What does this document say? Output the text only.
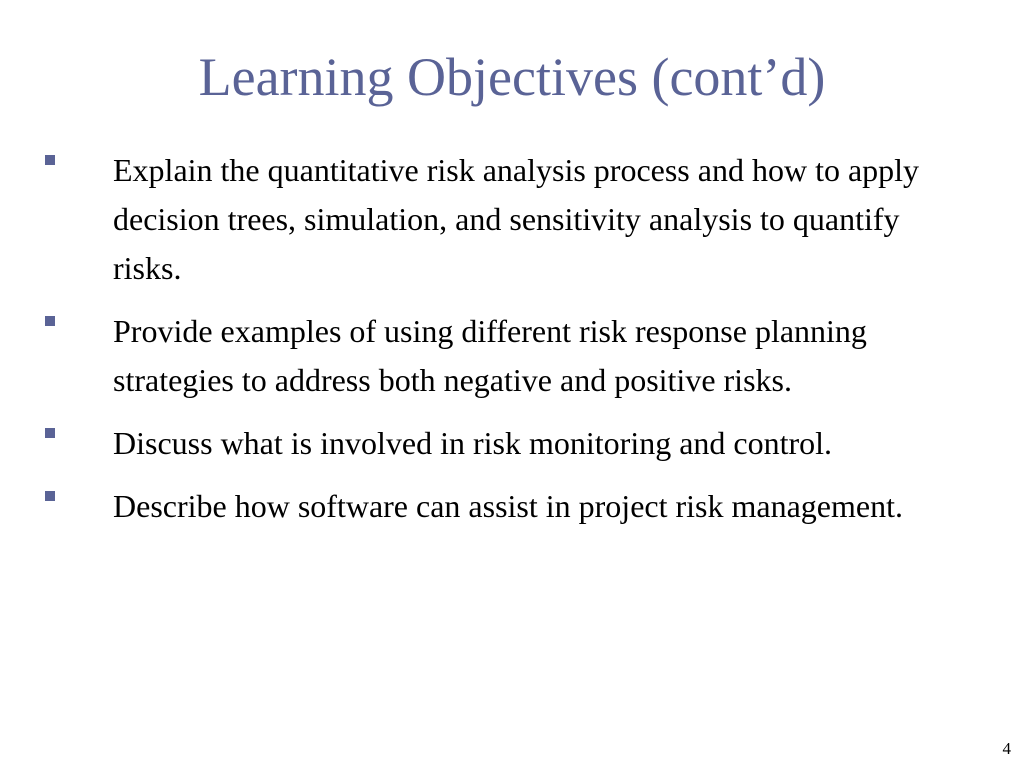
Learning Objectives (cont’d)
Explain the quantitative risk analysis process and how to apply decision trees, simulation, and sensitivity analysis to quantify risks.
Provide examples of using different risk response planning strategies to address both negative and positive risks.
Discuss what is involved in risk monitoring and control.
Describe how software can assist in project risk management.
4
